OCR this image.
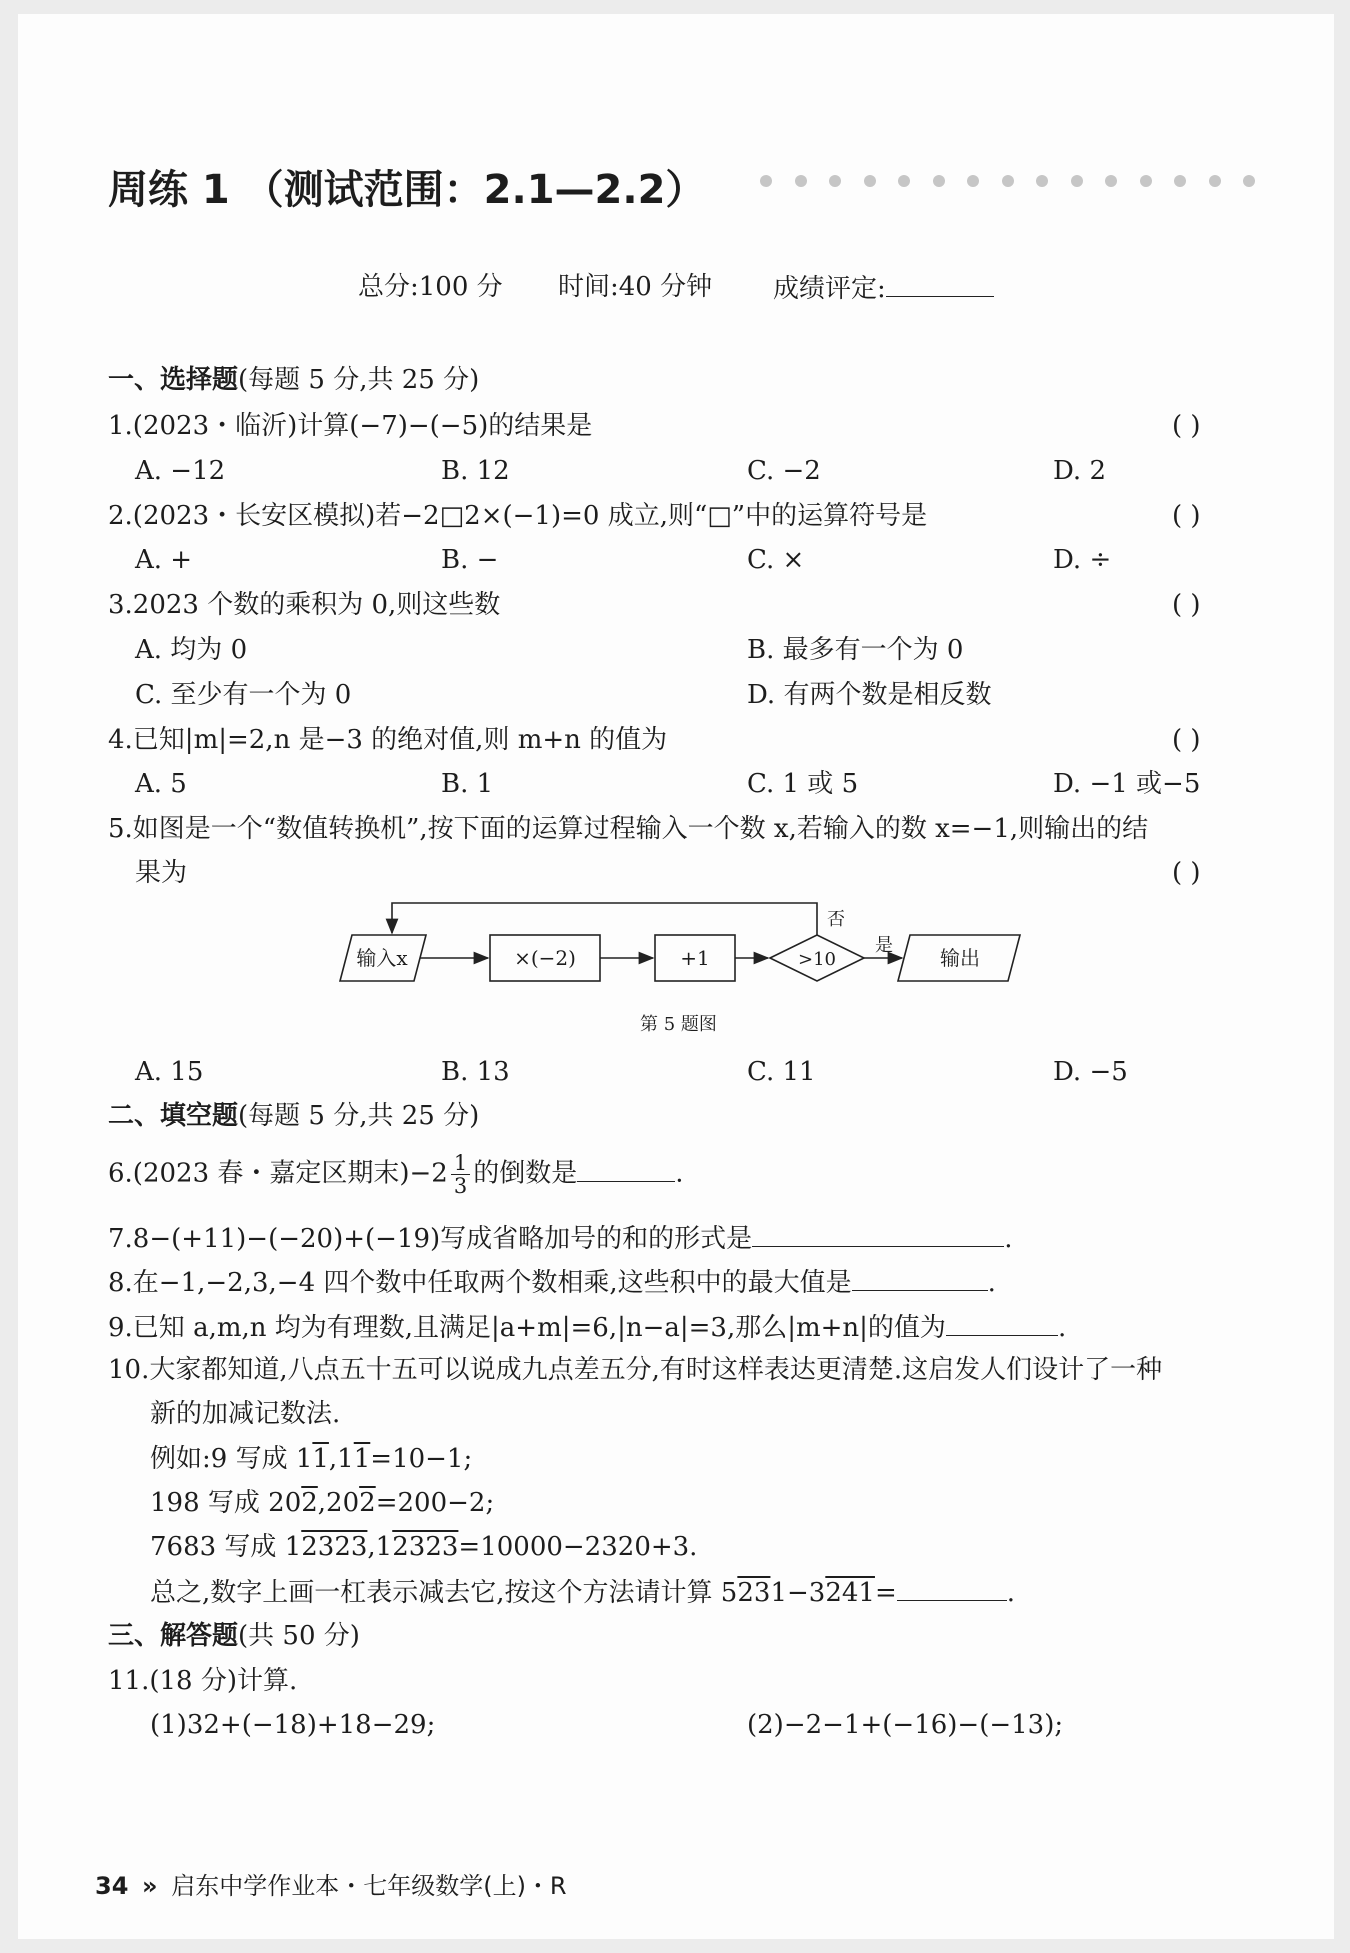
周练 1 （测试范围：2.1—2.2）
总分:100 分 时间:40 分钟 成绩评定:
一、选择题(每题 5 分,共 25 分)
1.(2023・临沂)计算(−7)−(−5)的结果是	( )
A. −12	B. 12	C. −2	D. 2
2.(2023・长安区模拟)若−2□2×(−1)=0 成立,则“□”中的运算符号是	( )
A. +	B. −	C. ×	D. ÷
3.2023 个数的乘积为 0,则这些数	( )
A. 均为 0	B. 最多有一个为 0
C. 至少有一个为 0	D. 有两个数是相反数
4.已知|m|=2,n 是−3 的绝对值,则 m+n 的值为	( )
A. 5	B. 1	C. 1 或 5	D. −1 或−5
5.如图是一个“数值转换机”,按下面的运算过程输入一个数 x,若输入的数 x=−1,则输出的结
果为	( )
输入x	×(−2)	+1	>10	输出
否
是
第 5 题图
A. 15	B. 13	C. 11	D. −5
二、填空题(每题 5 分,共 25 分)
6.(2023 春・嘉定区期末)$-2 \frac{1}{3}$ 的倒数是	.
7.8−(+11)−(−20)+(−19)写成省略加号的和的形式是	.
8.在−1,−2,3,−4 四个数中任取两个数相乘,这些积中的最大值是	.
9.已知 a,m,n 均为有理数,且满足|a+m|=6,|n−a|=3,那么|m+n|的值为	.
10.大家都知道,八点五十五可以说成九点差五分,有时这样表达更清楚.这启发人们设计了一种
新的加减记数法.
例如:9 写成 11,11=10−1;
198 写成 202,202=200−2;
7683 写成 12323,12323=10000−2320+3.
总之,数字上画一杠表示减去它,按这个方法请计算 5231−3241=	.
三、解答题(共 50 分)
11.(18 分)计算.
(1)32+(−18)+18−29;	(2)−2−1+(−16)−(−13);
34 » 启东中学作业本・七年级数学(上)・R
